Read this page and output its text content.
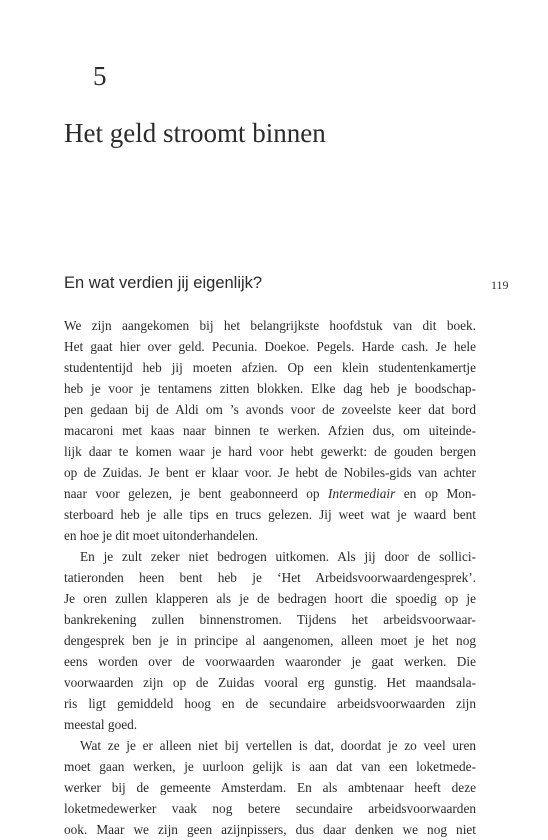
5
Het geld stroomt binnen
En wat verdien jij eigenlijk?	119
We zijn aangekomen bij het belangrijkste hoofdstuk van dit boek.
Het gaat hier over geld. Pecunia. Doekoe. Pegels. Harde cash. Je hele
studententijd heb jij moeten afzien. Op een klein studentenkamertje
heb je voor je tentamens zitten blokken. Elke dag heb je boodschap-
pen gedaan bij de Aldi om ’s avonds voor de zoveelste keer dat bord
macaroni met kaas naar binnen te werken. Afzien dus, om uiteinde-
lijk daar te komen waar je hard voor hebt gewerkt: de gouden bergen
op de Zuidas. Je bent er klaar voor. Je hebt de Nobiles-gids van achter
naar voor gelezen, je bent geabonneerd op Intermediair en op Mon-
sterboard heb je alle tips en trucs gelezen. Jij weet wat je waard bent
en hoe je dit moet uitonderhandelen.
En je zult zeker niet bedrogen uitkomen. Als jij door de sollici-
tatieronden heen bent heb je ‘Het Arbeidsvoorwaardengesprek’.
Je oren zullen klapperen als je de bedragen hoort die spoedig op je
bankrekening zullen binnenstromen. Tijdens het arbeidsvoorwaar-
dengesprek ben je in principe al aangenomen, alleen moet je het nog
eens worden over de voorwaarden waaronder je gaat werken. Die
voorwaarden zijn op de Zuidas vooral erg gunstig. Het maandsala-
ris ligt gemiddeld hoog en de secundaire arbeidsvoorwaarden zijn
meestal goed.
Wat ze je er alleen niet bij vertellen is dat, doordat je zo veel uren
moet gaan werken, je uurloon gelijk is aan dat van een loketmede-
werker bij de gemeente Amsterdam. En als ambtenaar heeft deze
loketmedewerker vaak nog betere secundaire arbeidsvoorwaarden
ook. Maar we zijn geen azijnpissers, dus daar denken we nog niet
